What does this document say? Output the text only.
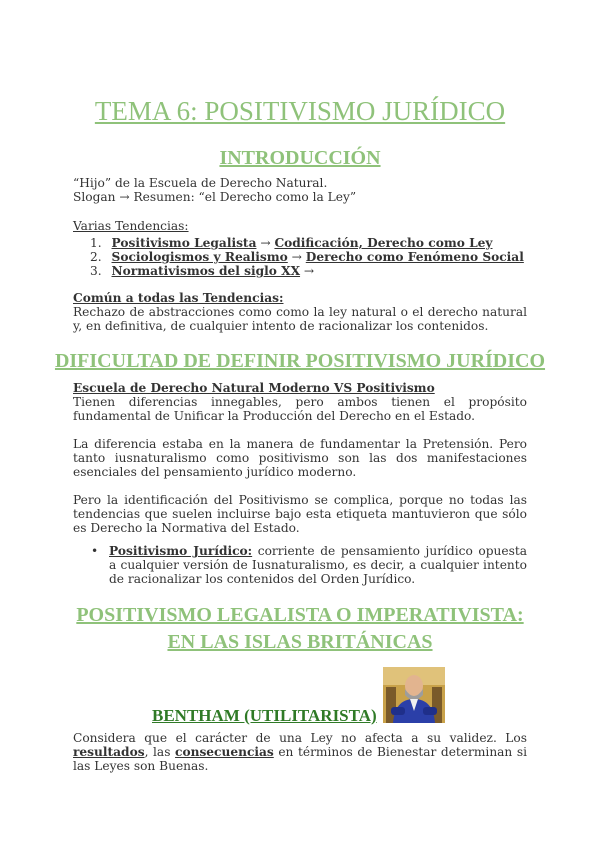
TEMA 6: POSITIVISMO JURÍDICO
INTRODUCCIÓN
“Hijo” de la Escuela de Derecho Natural.
Slogan → Resumen: “el Derecho como la Ley”
Varias Tendencias:
1. Positivismo Legalista → Codificación, Derecho como Ley
2. Sociologismos y Realismo → Derecho como Fenómeno Social
3. Normativismos del siglo XX →
Común a todas las Tendencias:
Rechazo de abstracciones como como la ley natural o el derecho natural y, en definitiva, de cualquier intento de racionalizar los contenidos.
DIFICULTAD DE DEFINIR POSITIVISMO JURÍDICO
Escuela de Derecho Natural Moderno VS Positivismo
Tienen diferencias innegables, pero ambos tienen el propósito fundamental de Unificar la Producción del Derecho en el Estado.
La diferencia estaba en la manera de fundamentar la Pretensión. Pero tanto iusnaturalismo como positivismo son las dos manifestaciones esenciales del pensamiento jurídico moderno.
Pero la identificación del Positivismo se complica, porque no todas las tendencias que suelen incluirse bajo esta etiqueta mantuvieron que sólo es Derecho la Normativa del Estado.
• Positivismo Jurídico: corriente de pensamiento jurídico opuesta a cualquier versión de Iusnaturalismo, es decir, a cualquier intento de racionalizar los contenidos del Orden Jurídico.
POSITIVISMO LEGALISTA O IMPERATIVISTA: EN LAS ISLAS BRITÁNICAS
BENTHAM (UTILITARISTA)
Considera que el carácter de una Ley no afecta a su validez. Los resultados, las consecuencias en términos de Bienestar determinan si las Leyes son Buenas.
